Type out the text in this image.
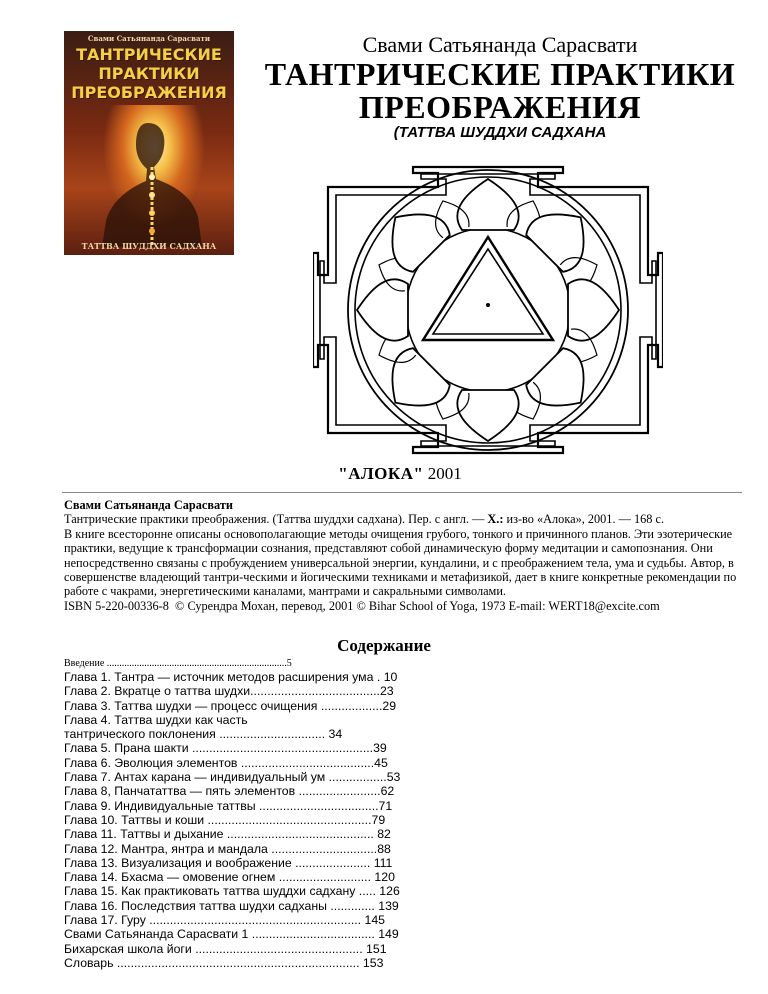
Свами Сатьянанда Сарасвати
ТАНТРИЧЕСКИЕ
ПРАКТИКИ
ПРЕОБРАЖЕНИЯ
ТАТТВА ШУДДХИ САДХАНА
Свами Сатьянанда Сарасвати
ТАНТРИЧЕСКИЕ ПРАКТИКИ
ПРЕОБРАЖЕНИЯ
(ТАТТВА ШУДДХИ САДХАНА
"АЛОКА" 2001

Свами Сатьянанда Сарасвати

Тантрические практики преображения. (Таттва шуддхи садхана). Пер. с англ. — Х.: из-во «Алока», 2001. — 168 с.

В книге всесторонне описаны основополагающие методы очищения грубого, тонкого и причинного планов. Эти эзотерические практики, ведущие к трансформации сознания, представляют собой динамическую форму медитации и самопознания. Они непосредственно связаны с пробуждением универсальной энергии, кундалини, и с преображением тела, ума и судьбы. Автор, в совершенстве владеющий тантри-ческими и йогическими техниками и метафизикой, дает в книге конкретные рекомендации по работе с чакрами, энергетическими каналами, мантрами и сакральными символами.

ISBN 5-220-00336-8 © Сурендра Мохан, перевод, 2001 © Bihar School of Yoga, 1973 E-mail: WERT18@excite.com

Содержание
Введение ........................................................................5
Глава 1. Тантра — источник методов расширения ума . 10
Глава 2. Вкратце о таттва шудхи......................................23
Глава 3. Таттва шудхи — процесс очищения ..................29
Глава 4. Таттва шудхи как часть
тантрического поклонения ............................... 34
Глава 5. Прана шакти .....................................................39
Глава 6. Эволюция элементов .......................................45
Глава 7. Антах карана — индивидуальный ум .................53
Глава 8, Панчататтва — пять элементов ........................62
Глава 9. Индивидуальные таттвы ...................................71
Глава 10. Таттвы и коши ................................................79
Глава 11. Таттвы и дыхание ........................................... 82
Глава 12. Мантра, янтра и мандала ...............................88
Глава 13. Визуализация и воображение ...................... 111
Глава 14. Бхасма — омовение огнем ........................... 120
Глава 15. Как практиковать таттва шуддхи садхану ..... 126
Глава 16. Последствия таттва шудхи садханы ............. 139
Глава 17. Гуру .............................................................. 145
Свами Сатьянанда Сарасвати 1 .................................... 149
Бихарская школа йоги ................................................. 151
Словарь ....................................................................... 153
